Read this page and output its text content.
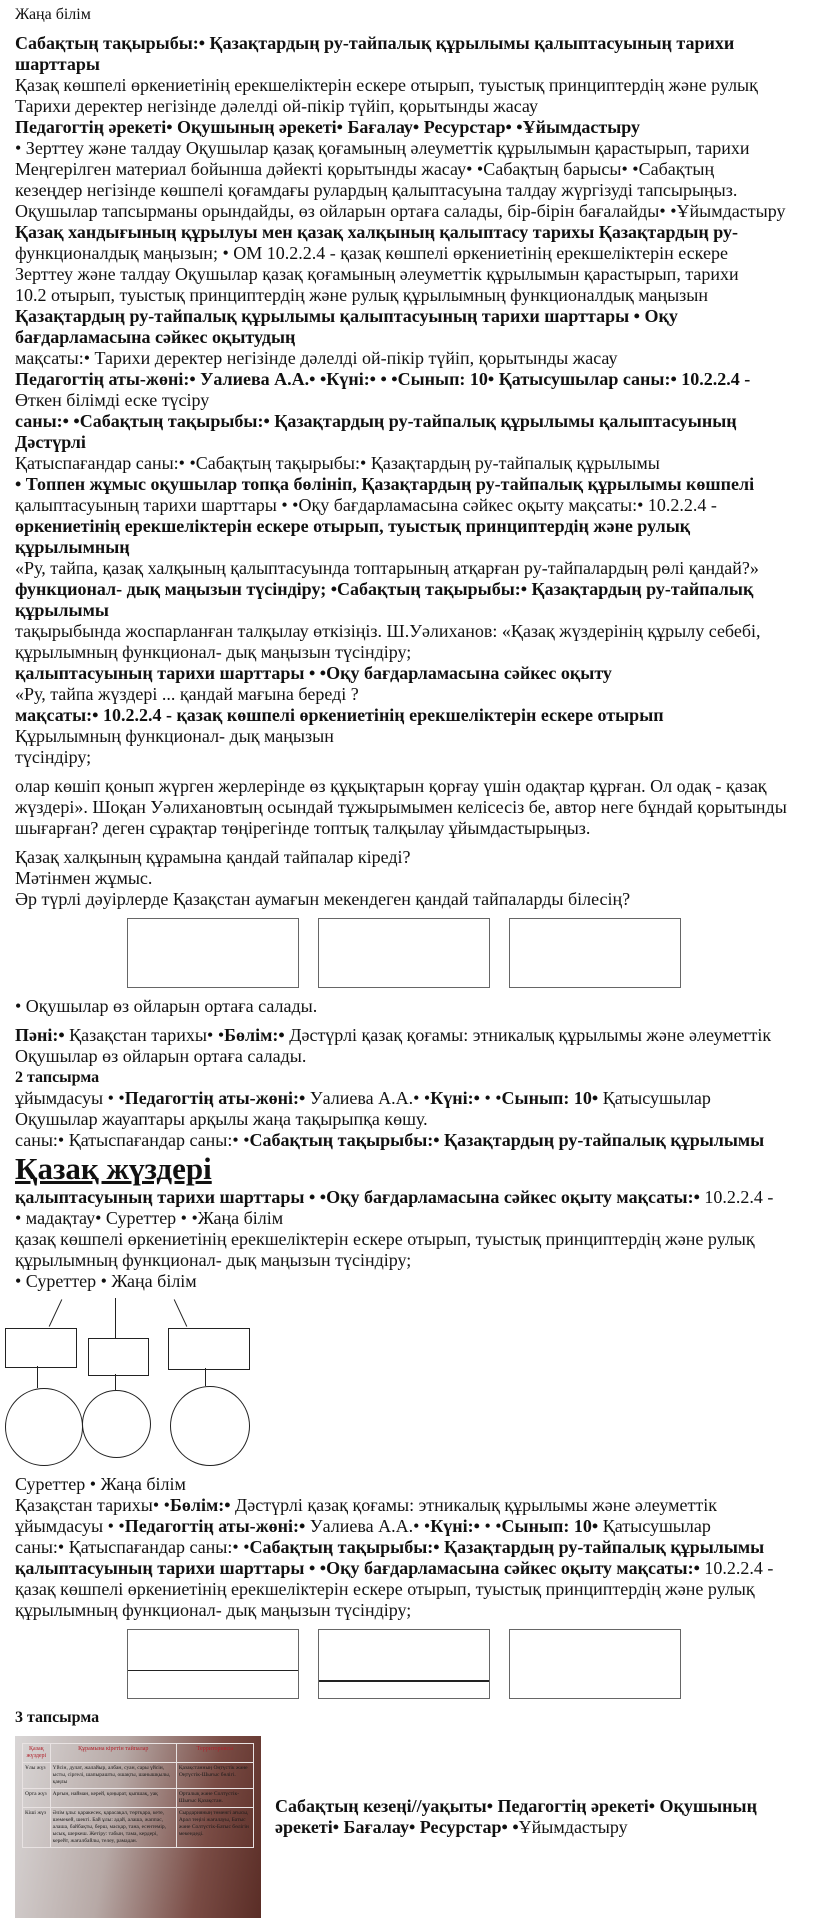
Жаңа білім
Сабақтың тақырыбы:• Қазақтардың ру-тайпалық құрылымы қалыптасуының тарихи шарттары
Қазақ көшпелі өркениетінің ерекшеліктерін ескере отырып, туыстық принциптердің және рулық
Тарихи деректер негізінде дәлелді ой-пікір түйіп, қорытынды жасау
Педагогтің әрекеті• Оқушының әрекеті• Бағалау• Ресурстар• •Ұйымдастыру
• Зерттеу және талдау Оқушылар қазақ қоғамының әлеуметтік құрылымын қарастырып, тарихи
Меңгерілген материал бойынша дәйекті қорытынды жасау• •Сабақтың барысы• •Сабақтың
кезеңдер негізінде көшпелі қоғамдағы рулардың қалыптасуына талдау жүргізуді тапсырыңыз.
Оқушылар тапсырманы орындайды, өз ойларын ортаға салады, бір-бірін бағалайды• •Ұйымдастыру
Қазақ хандығының құрылуы мен қазақ халқының қалыптасу тарихы Қазақтардың ру-
функционалдық маңызын; • ОМ 10.2.2.4 - қазақ көшпелі өркениетінің ерекшеліктерін ескере
Зерттеу және талдау Оқушылар қазақ қоғамының әлеуметтік құрылымын қарастырып, тарихи
10.2 отырып, туыстық принциптердің және рулық құрылымның функционалдық маңызын
Қазақтардың ру-тайпалық құрылымы қалыптасуының тарихи шарттары • Оқу бағдарламасына сәйкес оқытудың
мақсаты:• Тарихи деректер негізінде дәлелді ой-пікір түйіп, қорытынды жасау
Педагогтің аты-жөні:• Уалиева А.А.• •Күні:• • •Сынып: 10• Қатысушылар саны:• 10.2.2.4 -
Өткен білімді еске түсіру
саны:• •Сабақтың тақырыбы:• Қазақтардың ру-тайпалық құрылымы қалыптасуының Дәстүрлі
Қатыспағандар саны:• •Сабақтың тақырыбы:• Қазақтардың ру-тайпалық құрылымы
• Топпен жұмыс оқушылар топқа бөлініп, Қазақтардың ру-тайпалық құрылымы көшпелі
қалыптасуының тарихи шарттары • •Оқу бағдарламасына сәйкес оқыту мақсаты:• 10.2.2.4 -
өркениетінің ерекшеліктерін ескере отырып, туыстық принциптердің және рулық құрылымның
«Ру, тайпа, қазақ халқының қалыптасуында топтарының атқарған ру-тайпалардың рөлі қандай?»
функционал- дық маңызын түсіндіру; •Сабақтың тақырыбы:• Қазақтардың ру-тайпалық құрылымы
тақырыбында жоспарланған талқылау өткізіңіз. Ш.Уәлиханов: «Қазақ жүздерінің құрылу себебі,
құрылымның функционал- дық маңызын түсіндіру;
қалыптасуының тарихи шарттары • •Оқу бағдарламасына сәйкес оқыту
«Ру, тайпа жүздері ... қандай мағына береді ?
мақсаты:• 10.2.2.4 - қазақ көшпелі өркениетінің ерекшеліктерін ескере отырып
Құрылымның функционал- дық маңызын
түсіндіру;
олар көшіп қонып жүрген жерлерінде өз құқықтарын қорғау үшін одақтар құрған. Ол одақ - қазақ
жүздері». Шоқан Уәлихановтың осындай тұжырымымен келісесіз бе, автор неге бұндай қорытынды
шығарған? деген сұрақтар төңірегінде топтық талқылау ұйымдастырыңыз.
Қазақ халқының құрамына қандай тайпалар кіреді?
Мәтінмен жұмыс.
Әр түрлі дәуірлерде Қазақстан аумағын мекендеген қандай тайпаларды білесің?
• Оқушылар өз ойларын ортаға салады.
Пәні:• Қазақстан тарихы• •Бөлім:• Дәстүрлі қазақ қоғамы: этникалық құрылымы және әлеуметтік
Оқушылар өз ойларын ортаға салады.
2 тапсырма
ұйымдасуы • •Педагогтің аты-жөні:• Уалиева А.А.• •Күні:• • •Сынып: 10• Қатысушылар
Оқушылар жауаптары арқылы жаңа тақырыпқа көшу.
саны:• Қатыспағандар саны:• •Сабақтың тақырыбы:• Қазақтардың ру-тайпалық құрылымы
Қазақ жүздері
қалыптасуының тарихи шарттары • •Оқу бағдарламасына сәйкес оқыту мақсаты:• 10.2.2.4 -
• мадақтау• Суреттер • •Жаңа білім
қазақ көшпелі өркениетінің ерекшеліктерін ескере отырып, туыстық принциптердің және рулық
құрылымның функционал- дық маңызын түсіндіру;
• Суреттер • Жаңа білім
Суреттер • Жаңа білім
Қазақстан тарихы• •Бөлім:• Дәстүрлі қазақ қоғамы: этникалық құрылымы және әлеуметтік
ұйымдасуы • •Педагогтің аты-жөні:• Уалиева А.А.• •Күні:• • •Сынып: 10• Қатысушылар
саны:• Қатыспағандар саны:• •Сабақтың тақырыбы:• Қазақтардың ру-тайпалық құрылымы
қалыптасуының тарихи шарттары • •Оқу бағдарламасына сәйкес оқыту мақсаты:• 10.2.2.4 -
қазақ көшпелі өркениетінің ерекшеліктерін ескере отырып, туыстық принциптердің және рулық
құрылымның функционал- дық маңызын түсіндіру;
3 тапсырма
Қазақ жүздері	Құрамына кіретін тайпалар	Территориясы
Ұлы жүз	Үйсін, дулат, жалайыр, албан, суан, сары үйсін, ысты, сіргелі, шапырашты, ошақты, шанышқылы, қаңлы	Қазақстанның Оңтүстік және Оңтүстік-Шығыс бөлігі.
Орта жүз	Арғын, найман, керей, қоңырат, қыпшақ, уақ	Орталық және Солтүстік-Шығыс Қазақстан.
Кіші жүз	Әлім ұлы: қаракесек, қарасақал, төртқара, кете, шөмекей, шекті. Бай ұлы: адай, алаша, жаппас, алаша, байбақты, берш, масқар, тана, есентемір, ысық, шеркеш. Жетіру: табын, тама, кердері, керейт, жағалбайлы, телеу, рамадан.	Сырдарияның төменгі ағысы, Арал теңізі жағалауы, Батыс және Солтүстік-Батыс бөлігін мекендеді.
Сабақтың кезеңі//уақыты• Педагогтің әрекеті• Оқушының
әрекеті• Бағалау• Ресурстар• •Ұйымдастыру
